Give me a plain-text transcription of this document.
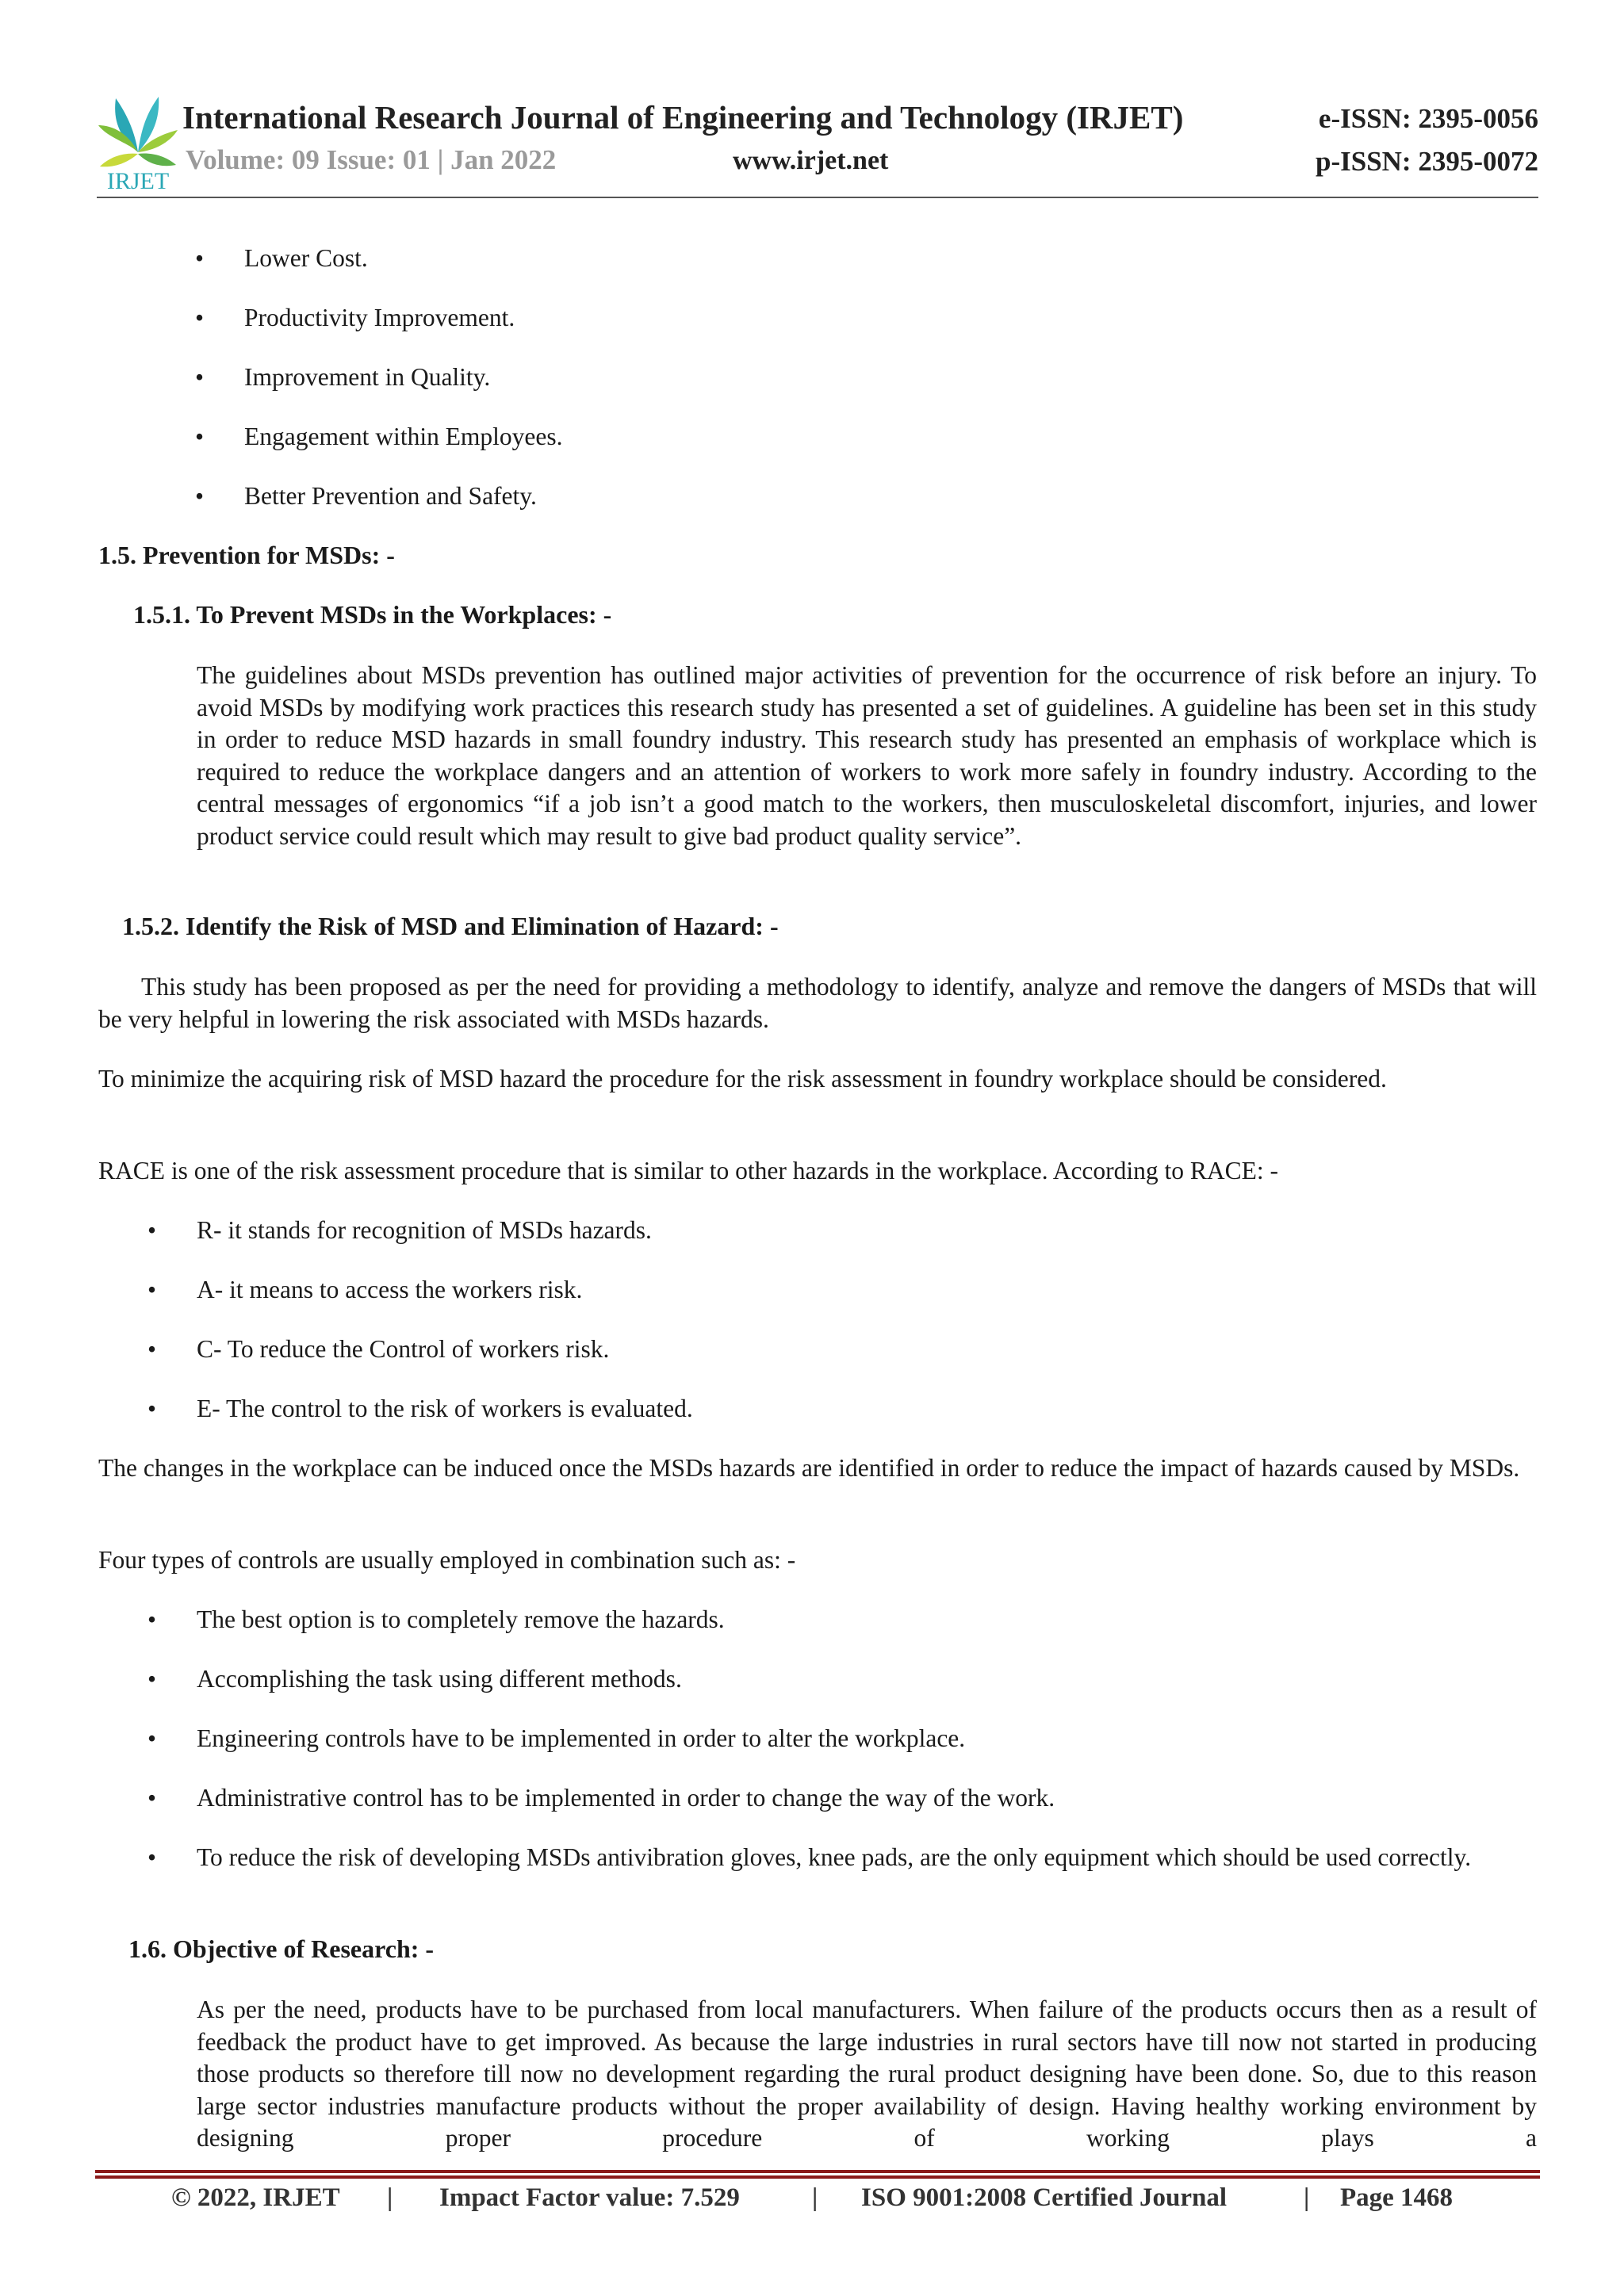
IRJET
International Research Journal of Engineering and Technology (IRJET)	e-ISSN: 2395-0056
Volume: 09 Issue: 01 | Jan 2022	www.irjet.net	p-ISSN: 2395-0072
• Lower Cost.
• Productivity Improvement.
• Improvement in Quality.
• Engagement within Employees.
• Better Prevention and Safety.
1.5. Prevention for MSDs: -
1.5.1. To Prevent MSDs in the Workplaces: -

The guidelines about MSDs prevention has outlined major activities of prevention for the occurrence of risk before an injury. To avoid MSDs by modifying work practices this research study has presented a set of guidelines. A guideline has been set in this study in order to reduce MSD hazards in small foundry industry. This research study has presented an emphasis of workplace which is required to reduce the workplace dangers and an attention of workers to work more safely in foundry industry. According to the central messages of ergonomics “if a job isn’t a good match to the workers, then musculoskeletal discomfort, injuries, and lower product service could result which may result to give bad product quality service”.

1.5.2. Identify the Risk of MSD and Elimination of Hazard: -

This study has been proposed as per the need for providing a methodology to identify, analyze and remove the dangers of MSDs that will be very helpful in lowering the risk associated with MSDs hazards.

To minimize the acquiring risk of MSD hazard the procedure for the risk assessment in foundry workplace should be considered.

RACE is one of the risk assessment procedure that is similar to other hazards in the workplace. According to RACE: -

• R- it stands for recognition of MSDs hazards.
• A- it means to access the workers risk.
• C- To reduce the Control of workers risk.
• E- The control to the risk of workers is evaluated.

The changes in the workplace can be induced once the MSDs hazards are identified in order to reduce the impact of hazards caused by MSDs.

Four types of controls are usually employed in combination such as: -

• The best option is to completely remove the hazards.
• Accomplishing the task using different methods.
• Engineering controls have to be implemented in order to alter the workplace.
• Administrative control has to be implemented in order to change the way of the work.
• To reduce the risk of developing MSDs antivibration gloves, knee pads, are the only equipment which should be used correctly.
1.6. Objective of Research: -

As per the need, products have to be purchased from local manufacturers. When failure of the products occurs then as a result of feedback the product have to get improved. As because the large industries in rural sectors have till now not started in producing those products so therefore till now no development regarding the rural product designing have been done. So, due to this reason large sector industries manufacture products without the proper availability of design. Having healthy working environment by designing proper procedure of working plays a

© 2022, IRJET | Impact Factor value: 7.529	| ISO 9001:2008 Certified Journal	| Page 1468
